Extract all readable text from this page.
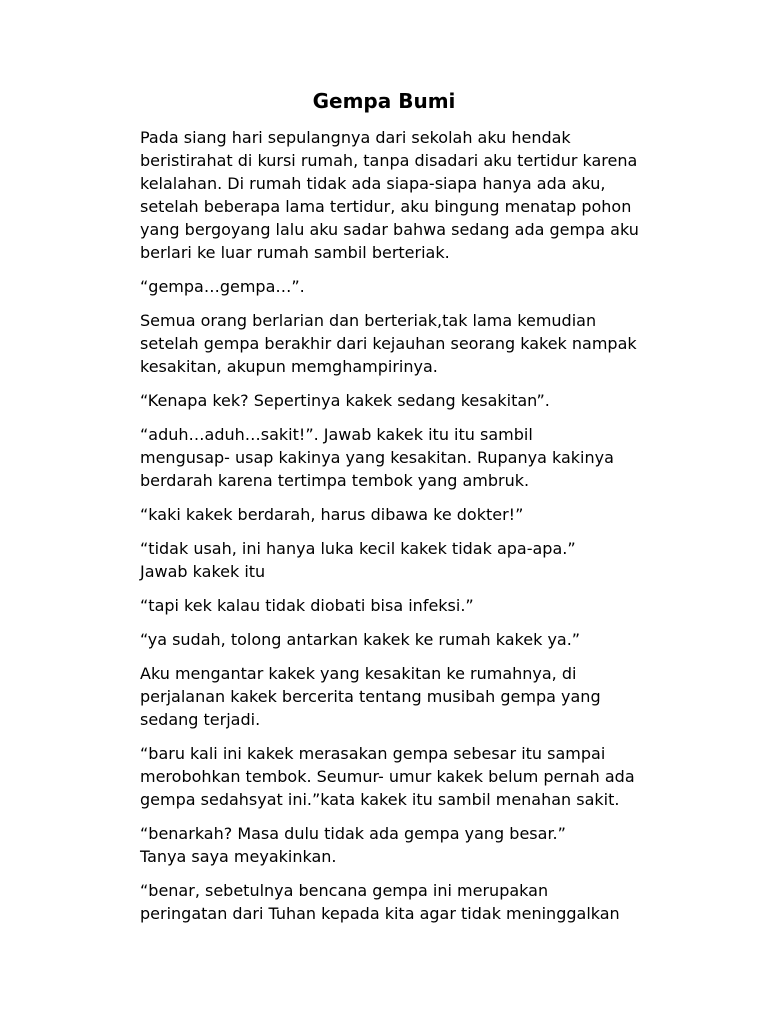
Gempa Bumi

Pada siang hari sepulangnya dari sekolah aku hendak
beristirahat di kursi rumah, tanpa disadari aku tertidur karena
kelalahan. Di rumah tidak ada siapa-siapa hanya ada aku,
setelah beberapa lama tertidur, aku bingung menatap pohon
yang bergoyang lalu aku sadar bahwa sedang ada gempa aku
berlari ke luar rumah sambil berteriak.

“gempa…gempa…”.

Semua orang berlarian dan berteriak,tak lama kemudian
setelah gempa berakhir dari kejauhan seorang kakek nampak
kesakitan, akupun memghampirinya.

“Kenapa kek? Sepertinya kakek sedang kesakitan”.

“aduh…aduh…sakit!”. Jawab kakek itu itu sambil
mengusap- usap kakinya yang kesakitan. Rupanya kakinya
berdarah karena tertimpa tembok yang ambruk.

“kaki kakek berdarah, harus dibawa ke dokter!”

“tidak usah, ini hanya luka kecil kakek tidak apa-apa.”
Jawab kakek itu

“tapi kek kalau tidak diobati bisa infeksi.”

“ya sudah, tolong antarkan kakek ke rumah kakek ya.”

Aku mengantar kakek yang kesakitan ke rumahnya, di
perjalanan kakek bercerita tentang musibah gempa yang
sedang terjadi.

“baru kali ini kakek merasakan gempa sebesar itu sampai
merobohkan tembok. Seumur- umur kakek belum pernah ada
gempa sedahsyat ini.”kata kakek itu sambil menahan sakit.

“benarkah? Masa dulu tidak ada gempa yang besar.”
Tanya saya meyakinkan.

“benar, sebetulnya bencana gempa ini merupakan
peringatan dari Tuhan kepada kita agar tidak meninggalkan
